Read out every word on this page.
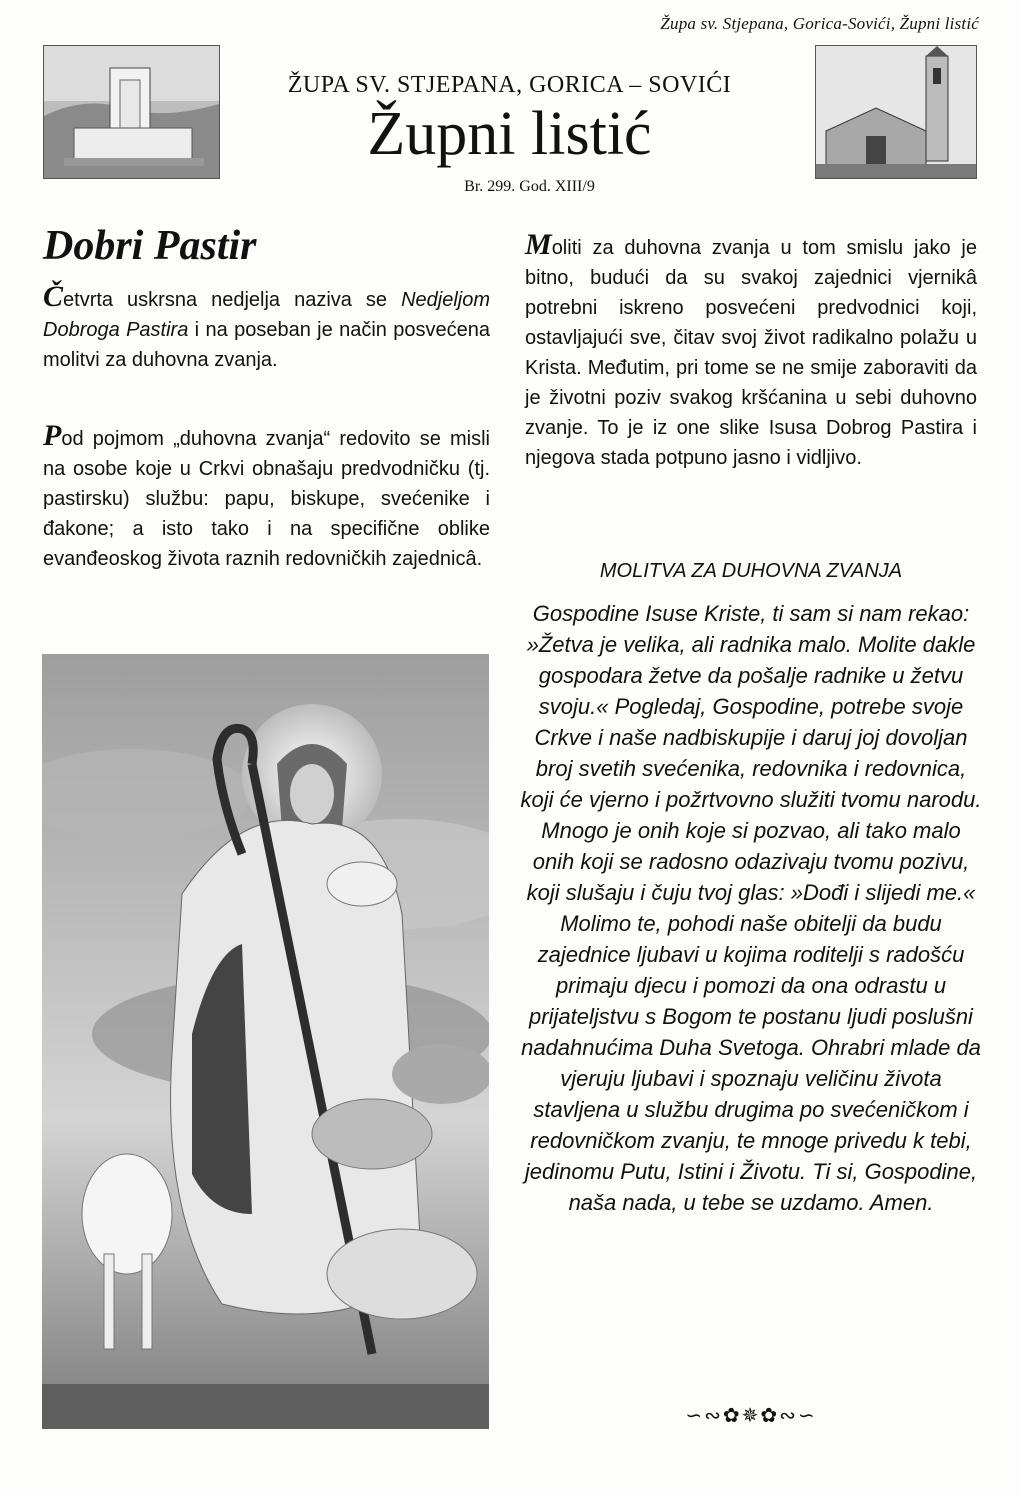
Župa sv. Stjepana, Gorica-Sovići, Župni listić
ŽUPA SV. STJEPANA, GORICA – SOVIĆI
Župni listić
Br. 299. God. XIII/9
Dobri Pastir

Četvrta uskrsna nedjelja naziva se Nedjeljom Dobroga Pastira i na poseban je način posvećena molitvi za duhovna zvanja.

Pod pojmom „duhovna zvanja“ redovito se misli na osobe koje u Crkvi obnašaju predvodničku (tj. pastirsku) službu: papu, biskupe, svećenike i đakone; a isto tako i na specifične oblike evanđeoskog života raznih redovničkih zajednicâ.

Moliti za duhovna zvanja u tom smislu jako je bitno, budući da su svakoj zajednici vjernikâ potrebni iskreno posvećeni predvodnici koji, ostavljajući sve, čitav svoj život radikalno polažu u Krista. Međutim, pri tome se ne smije zaboraviti da je životni poziv svakog kršćanina u sebi duhovno zvanje. To je iz one slike Isusa Dobrog Pastira i njegova stada potpuno jasno i vidljivo.

MOLITVA ZA DUHOVNA ZVANJA

Gospodine Isuse Kriste, ti sam si nam rekao: »Žetva je velika, ali radnika malo. Molite dakle gospodara žetve da pošalje radnike u žetvu svoju.« Pogledaj, Gospodine, potrebe svoje Crkve i naše nadbiskupije i daruj joj dovoljan broj svetih svećenika, redovnika i redovnica, koji će vjerno i požrtvovno služiti tvomu narodu. Mnogo je onih koje si pozvao, ali tako malo onih koji se radosno odazivaju tvomu pozivu, koji slušaju i čuju tvoj glas: »Dođi i slijedi me.« Molimo te, pohodi naše obitelji da budu zajednice ljubavi u kojima roditelji s radošću primaju djecu i pomozi da ona odrastu u prijateljstvu s Bogom te postanu ljudi poslušni nadahnućima Duha Svetoga. Ohrabri mlade da vjeruju ljubavi i spoznaju veličinu života stavljena u službu drugima po svećeničkom i redovničkom zvanju, te mnoge privedu k tebi, jedinomu Putu, Istini i Životu. Ti si, Gospodine, naša nada, u tebe se uzdamo. Amen.

∽∾✿✵✿∾∽
